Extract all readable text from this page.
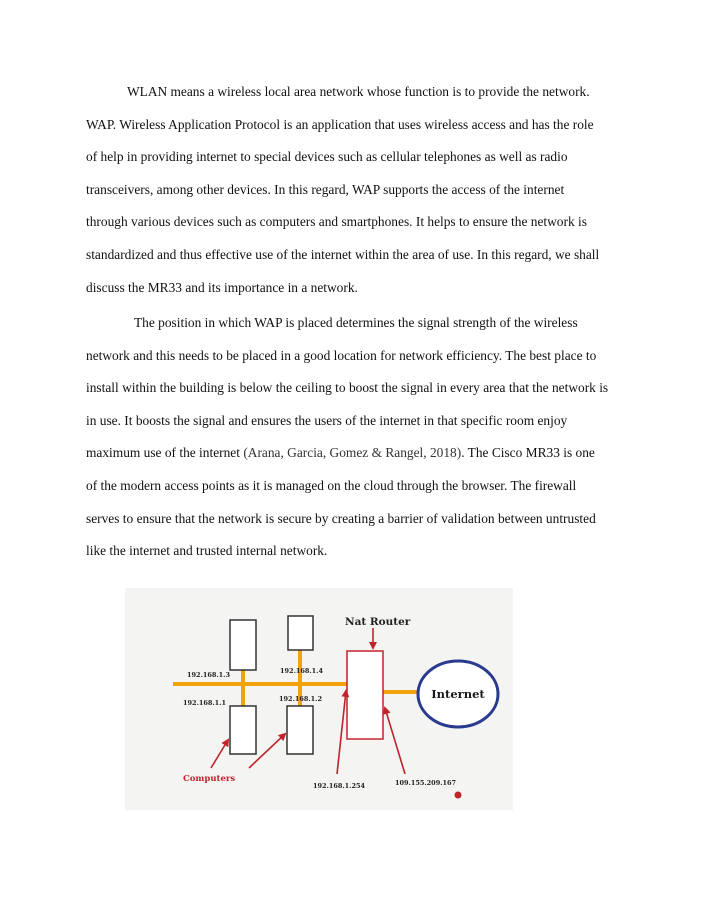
WLAN means a wireless local area network whose function is to provide the network.
WAP. Wireless Application Protocol is an application that uses wireless access and has the role
of help in providing internet to special devices such as cellular telephones as well as radio
transceivers, among other devices. In this regard, WAP supports the access of the internet
through various devices such as computers and smartphones. It helps to ensure the network is
standardized and thus effective use of the internet within the area of use. In this regard, we shall
discuss the MR33 and its importance in a network.

The position in which WAP is placed determines the signal strength of the wireless
network and this needs to be placed in a good location for network efficiency. The best place to
install within the building is below the ceiling to boost the signal in every area that the network is
in use. It boosts the signal and ensures the users of the internet in that specific room enjoy
maximum use of the internet (Arana, Garcia, Gomez & Rangel, 2018). The Cisco MR33 is one
of the modern access points as it is managed on the cloud through the browser. The firewall
serves to ensure that the network is secure by creating a barrier of validation between untrusted
like the internet and trusted internal network.

Nat Router
Internet
Computers
192.168.1.3	192.168.1.4
192.168.1.1	192.168.1.2
192.168.1.254	109.155.209.167
